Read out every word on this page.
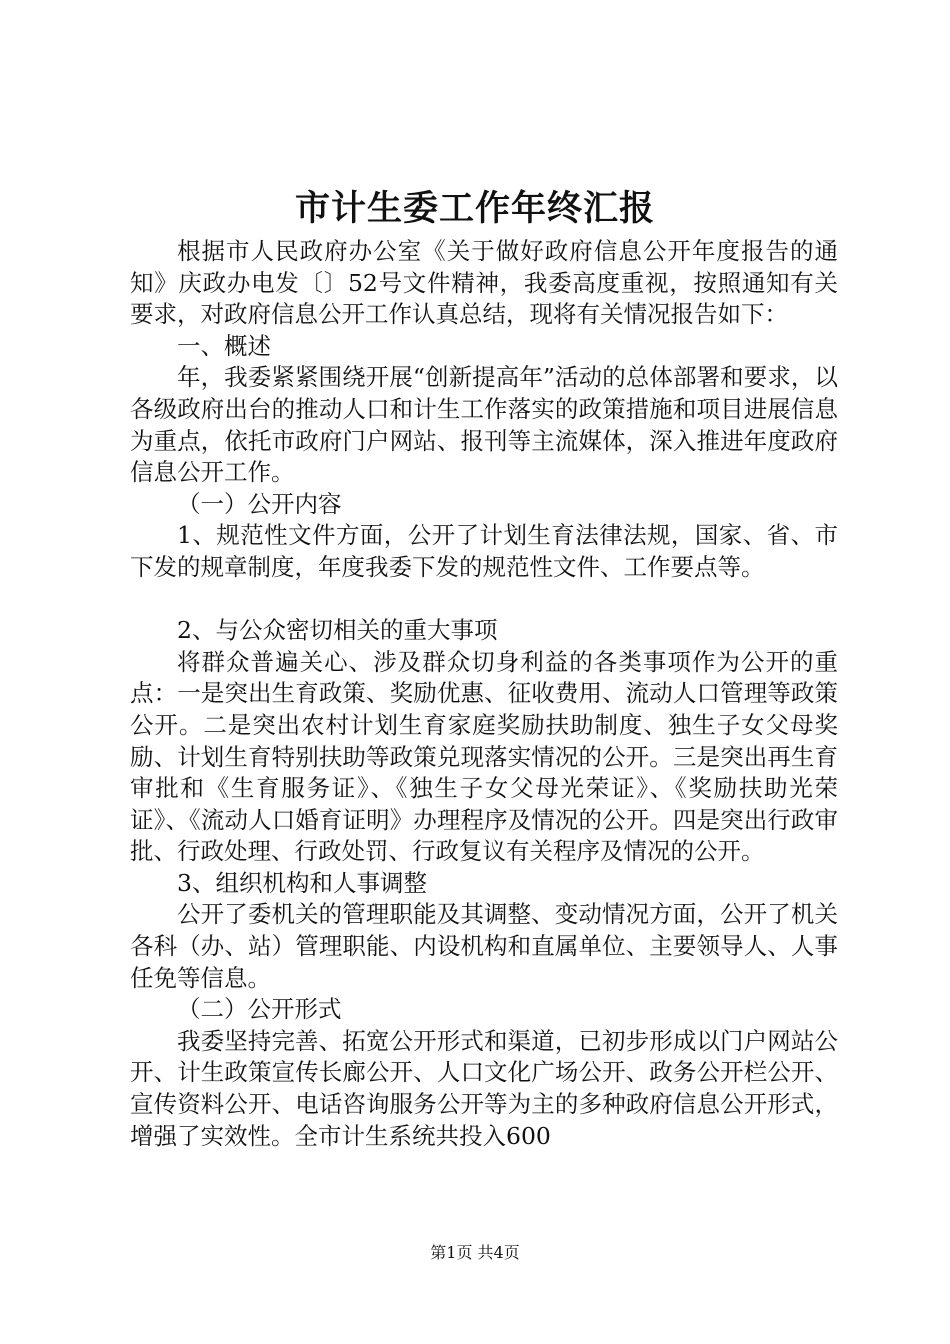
市计生委工作年终汇报

根据市人民政府办公室《关于做好政府信息公开年度报告的通知》庆政办电发〔〕52号文件精神，我委高度重视，按照通知有关要求，对政府信息公开工作认真总结，现将有关情况报告如下：

一、概述

年，我委紧紧围绕开展“创新提高年”活动的总体部署和要求，以各级政府出台的推动人口和计生工作落实的政策措施和项目进展信息为重点，依托市政府门户网站、报刊等主流媒体，深入推进年度政府信息公开工作。

（一）公开内容

1、规范性文件方面，公开了计划生育法律法规，国家、省、市下发的规章制度，年度我委下发的规范性文件、工作要点等。

2、与公众密切相关的重大事项

将群众普遍关心、涉及群众切身利益的各类事项作为公开的重点：一是突出生育政策、奖励优惠、征收费用、流动人口管理等政策公开。二是突出农村计划生育家庭奖励扶助制度、独生子女父母奖励、计划生育特别扶助等政策兑现落实情况的公开。三是突出再生育审批和《生育服务证》、《独生子女父母光荣证》、《奖励扶助光荣证》、《流动人口婚育证明》办理程序及情况的公开。四是突出行政审批、行政处理、行政处罚、行政复议有关程序及情况的公开。

3、组织机构和人事调整

公开了委机关的管理职能及其调整、变动情况方面，公开了机关各科（办、站）管理职能、内设机构和直属单位、主要领导人、人事任免等信息。

（二）公开形式

我委坚持完善、拓宽公开形式和渠道，已初步形成以门户网站公开、计生政策宣传长廊公开、人口文化广场公开、政务公开栏公开、宣传资料公开、电话咨询服务公开等为主的多种政府信息公开形式，增强了实效性。全市计生系统共投入600

第1页 共4页
